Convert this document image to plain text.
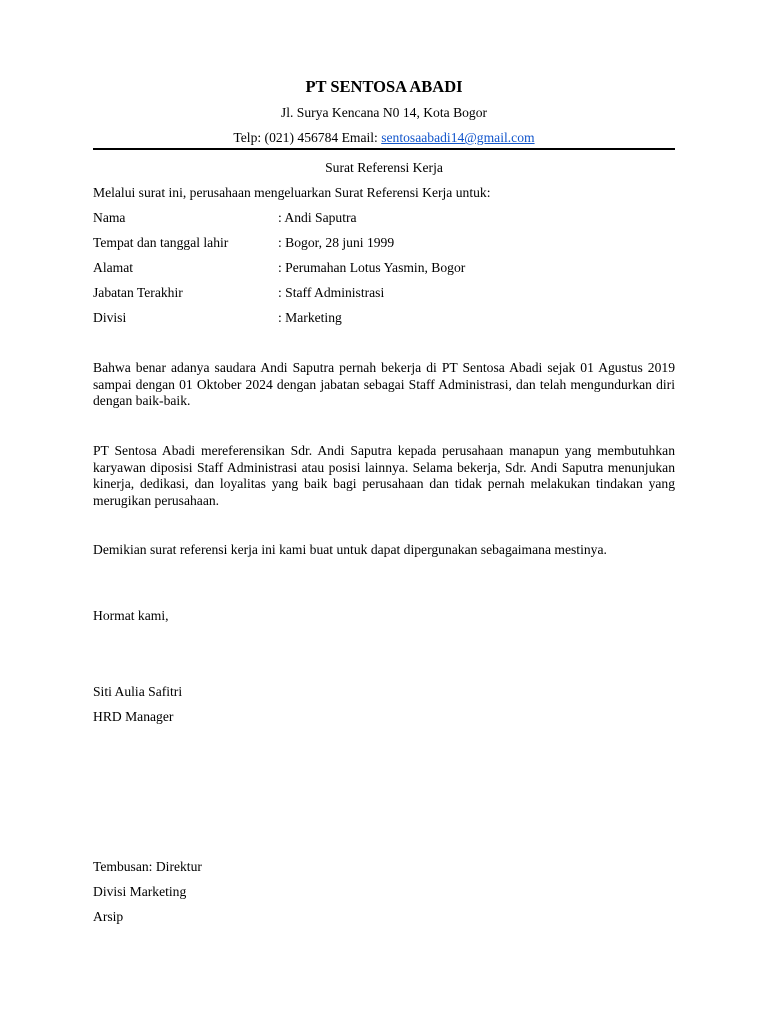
PT SENTOSA ABADI
Jl. Surya Kencana N0 14, Kota Bogor
Telp: (021) 456784 Email: sentosaabadi14@gmail.com
Surat Referensi Kerja
Melalui surat ini, perusahaan mengeluarkan Surat Referensi Kerja untuk:
Nama	: Andi Saputra
Tempat dan tanggal lahir	: Bogor, 28 juni 1999
Alamat	: Perumahan Lotus Yasmin, Bogor
Jabatan Terakhir	: Staff Administrasi
Divisi	: Marketing
Bahwa benar adanya saudara Andi Saputra pernah bekerja di PT Sentosa Abadi sejak 01 Agustus 2019 sampai dengan 01 Oktober 2024 dengan jabatan sebagai Staff Administrasi, dan telah mengundurkan diri dengan baik-baik.
PT Sentosa Abadi mereferensikan Sdr. Andi Saputra kepada perusahaan manapun yang membutuhkan karyawan diposisi Staff Administrasi atau posisi lainnya. Selama bekerja, Sdr. Andi Saputra menunjukan kinerja, dedikasi, dan loyalitas yang baik bagi perusahaan dan tidak pernah melakukan tindakan yang merugikan perusahaan.
Demikian surat referensi kerja ini kami buat untuk dapat dipergunakan sebagaimana mestinya.
Hormat kami,
Siti Aulia Safitri
HRD Manager
Tembusan: Direktur
Divisi Marketing
Arsip
